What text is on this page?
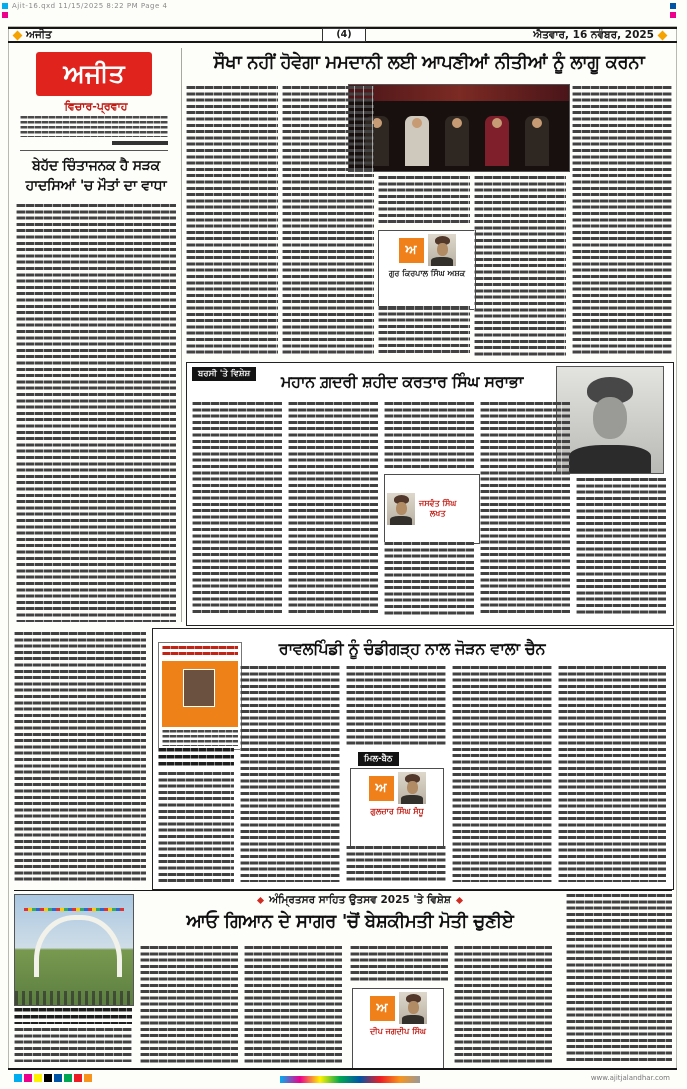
Ajit-16.qxd 11/15/2025 8:22 PM Page 4
ਅਜੀਤ	(4)	ਐਤਵਾਰ, 16 ਨਵੰਬਰ, 2025
ਅਜੀਤ
ਵਿਚਾਰ-ਪ੍ਰਵਾਹ
ਬੇਹੱਦ ਚਿੰਤਾਜਨਕ ਹੈ ਸੜਕ ਹਾਦਸਿਆਂ 'ਚ ਮੌਤਾਂ ਦਾ ਵਾਧਾ
ਸੌਖਾ ਨਹੀਂ ਹੋਵੇਗਾ ਮਮਦਾਨੀ ਲਈ ਆਪਣੀਆਂ ਨੀਤੀਆਂ ਨੂੰ ਲਾਗੂ ਕਰਨਾ
ਅ
ਗੁਰ ਕਿਰਪਾਲ ਸਿੰਘ ਅਸ਼ਕ
ਬਰਸੀ 'ਤੇ ਵਿਸ਼ੇਸ਼	ਮਹਾਨ ਗ਼ਦਰੀ ਸ਼ਹੀਦ ਕਰਤਾਰ ਸਿੰਘ ਸਰਾਭਾ
ਜਸਵੰਤ ਸਿੰਘ
ਲਖਤ
ਰਾਵਲਪਿੰਡੀ ਨੂੰ ਚੰਡੀਗੜ੍ਹ ਨਾਲ ਜੋੜਨ ਵਾਲਾ ਚੈਨ
ਮਿਲ-ਬੈਠ
ਅ
ਗੁਲਜ਼ਾਰ ਸਿੰਘ ਸੰਧੂ
ਅੰਮ੍ਰਿਤਸਰ ਸਾਹਿਤ ਉਤਸਵ 2025 'ਤੇ ਵਿਸ਼ੇਸ਼
ਆਓ ਗਿਆਨ ਦੇ ਸਾਗਰ 'ਚੋਂ ਬੇਸ਼ਕੀਮਤੀ ਮੋਤੀ ਚੁਣੀਏ
ਅ
ਦੀਪ ਜਗਦੀਪ ਸਿੰਘ
www.ajitjalandhar.com
